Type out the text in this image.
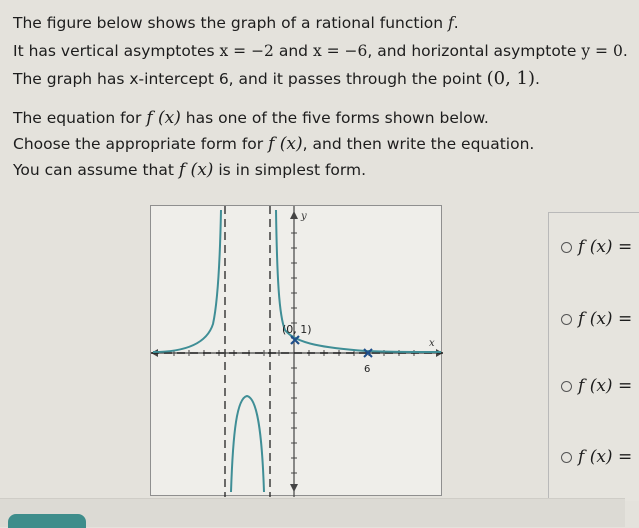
The figure below shows the graph of a rational function f.
It has vertical asymptotes x = −2 and x = −6, and horizontal asymptote y = 0.
The graph has x-intercept 6, and it passes through the point (0, 1).
The equation for f (x) has one of the five forms shown below.
Choose the appropriate form for f (x), and then write the equation.
You can assume that f (x) is in simplest form.
(0, 1)
6
y
x
f (x) =
f (x) =
f (x) =
f (x) =
